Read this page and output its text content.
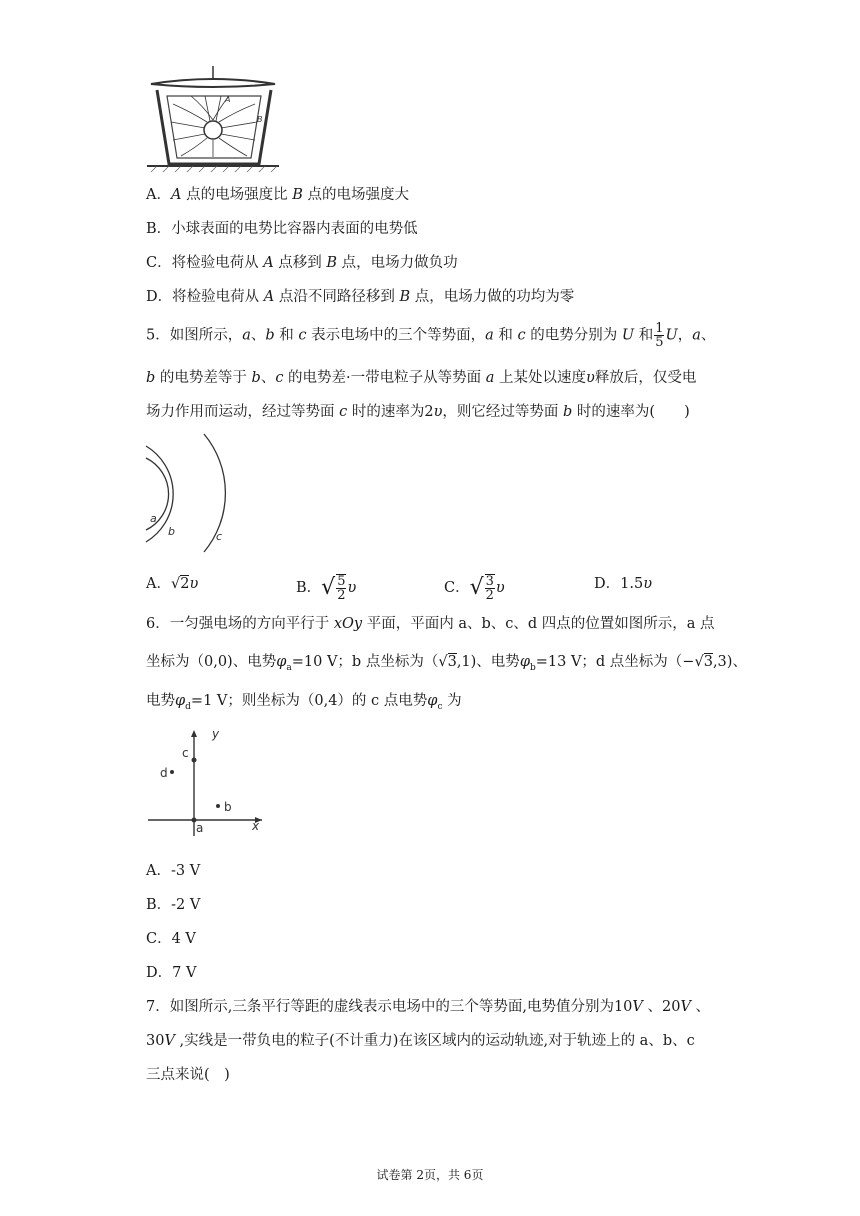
A
B
A．A 点的电场强度比 B 点的电场强度大
B．小球表面的电势比容器内表面的电势低
C．将检验电荷从 A 点移到 B 点，电场力做负功
D．将检验电荷从 A 点沿不同路径移到 B 点，电场力做的功均为零
5．如图所示，a、b 和 c 表示电场中的三个等势面，a 和 c 的电势分别为 U 和 $\frac{1}{5}$ U，a、
b 的电势差等于 b、c 的电势差·一带电粒子从等势面 a 上某处以速度υ释放后，仅受电
场力作用而运动，经过等势面 c 时的速率为2υ，则它经过等势面 b 时的速率为(　　)
a
b	c
A．√2υ	B．√ $\frac{5}{2}$ υ	C．√ $\frac{3}{2}$ υ	D．1.5υ
6．一匀强电场的方向平行于 xOy 平面，平面内 a、b、c、d 四点的位置如图所示，a 点
坐标为（0,0)、电势$\varphi_a=10$ V；b 点坐标为（√3,1)、电势$\varphi_b=13$ V；d 点坐标为（−√3,3)、
电势$\varphi_d=1$ V；则坐标为（0,4）的 c 点电势$\varphi_c$ 为
y
x
a
b
c
d
A．-3 V
B．-2 V
C．4 V
D．7 V
7．如图所示,三条平行等距的虚线表示电场中的三个等势面,电势值分别为10V 、20V 、
30V ,实线是一带负电的粒子(不计重力)在该区域内的运动轨迹,对于轨迹上的 a、b、c
三点来说(　)
试卷第 2页，共 6页
